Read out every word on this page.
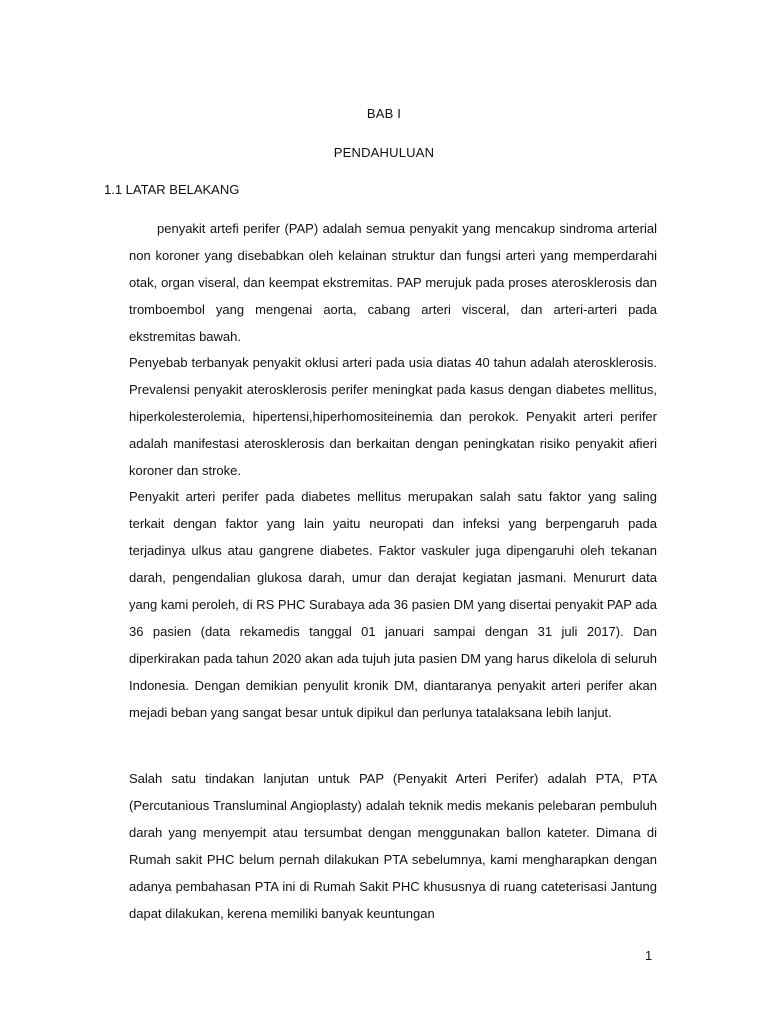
BAB I
PENDAHULUAN
1.1 LATAR BELAKANG

penyakit artefi perifer (PAP) adalah semua penyakit yang mencakup sindroma arterial non koroner yang disebabkan oleh kelainan struktur dan fungsi arteri yang memperdarahi otak, organ viseral, dan keempat ekstremitas. PAP merujuk pada proses aterosklerosis dan tromboembol yang mengenai aorta, cabang arteri visceral, dan arteri-arteri pada ekstremitas bawah.

Penyebab terbanyak penyakit oklusi arteri pada usia diatas 40 tahun adalah aterosklerosis. Prevalensi penyakit aterosklerosis perifer meningkat pada kasus dengan diabetes mellitus, hiperkolesterolemia, hipertensi,hiperhomositeinemia dan perokok. Penyakit arteri perifer adalah manifestasi aterosklerosis dan berkaitan dengan peningkatan risiko penyakit afieri koroner dan stroke.

Penyakit arteri perifer pada diabetes mellitus merupakan salah satu faktor yang saling terkait dengan faktor yang lain yaitu neuropati dan infeksi yang berpengaruh pada terjadinya ulkus atau gangrene diabetes. Faktor vaskuler juga dipengaruhi oleh tekanan darah, pengendalian glukosa darah, umur dan derajat kegiatan jasmani. Menururt data yang kami peroleh, di RS PHC Surabaya ada 36 pasien DM yang disertai penyakit PAP ada 36 pasien (data rekamedis tanggal 01 januari sampai dengan 31 juli 2017). Dan diperkirakan pada tahun 2020 akan ada tujuh juta pasien DM yang harus dikelola di seluruh Indonesia. Dengan demikian penyulit kronik DM, diantaranya penyakit arteri perifer akan mejadi beban yang sangat besar untuk dipikul dan perlunya tatalaksana lebih lanjut.

Salah satu tindakan lanjutan untuk PAP (Penyakit Arteri Perifer) adalah PTA, PTA (Percutanious Transluminal Angioplasty) adalah teknik medis mekanis pelebaran pembuluh darah yang menyempit atau tersumbat dengan menggunakan ballon kateter. Dimana di Rumah sakit PHC belum pernah dilakukan PTA sebelumnya, kami mengharapkan dengan adanya pembahasan PTA ini di Rumah Sakit PHC khususnya di ruang cateterisasi Jantung dapat dilakukan, kerena memiliki banyak keuntungan

1
